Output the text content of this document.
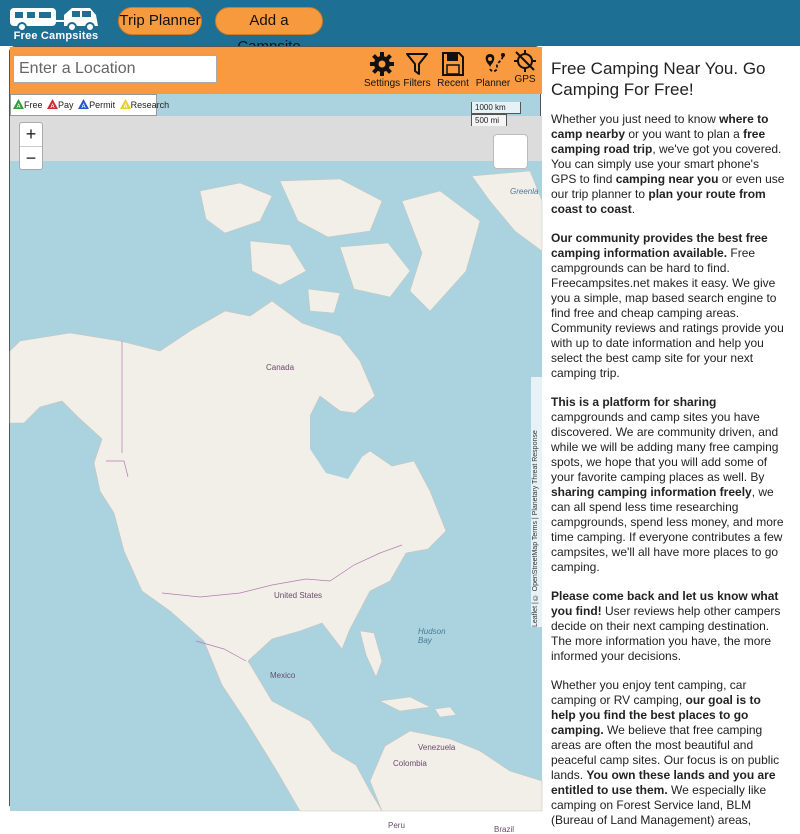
Free Campsites
Trip Planner	Add a
Enter a Location
Settings Filters Recent Planner GPS
A Free A Pay A Permit A Research
Greenla
Canada
United States
Hudson Bay
Mexico
Venezuela
Colombia
Peru	Brazil
+
−
1000 km
500 mi
Leaflet | © OpenStreetMap Terms | Planetary Threat Response
Free Camping Near You. Go Camping For Free!

Whether you just need to know where to camp nearby or you want to plan a free camping road trip, we've got you covered. You can simply use your smart phone's GPS to find camping near you or even use our trip planner to plan your route from coast to coast.

Our community provides the best free camping information available. Free campgrounds can be hard to find. Freecampsites.net makes it easy. We give you a simple, map based search engine to find free and cheap camping areas. Community reviews and ratings provide you with up to date information and help you select the best camp site for your next camping trip.

This is a platform for sharing campgrounds and camp sites you have discovered. We are community driven, and while we will be adding many free camping spots, we hope that you will add some of your favorite camping places as well. By sharing camping information freely, we can all spend less time researching campgrounds, spend less money, and more time camping. If everyone contributes a few campsites, we'll all have more places to go camping.

Please come back and let us know what you find! User reviews help other campers decide on their next camping destination. The more information you have, the more informed your decisions.

Whether you enjoy tent camping, car camping or RV camping, our goal is to help you find the best places to go camping. We believe that free camping areas are often the most beautiful and peaceful camp sites. Our focus is on public lands. You own these lands and you are entitled to use them. We especially like camping on Forest Service land, BLM (Bureau of Land Management) areas,
